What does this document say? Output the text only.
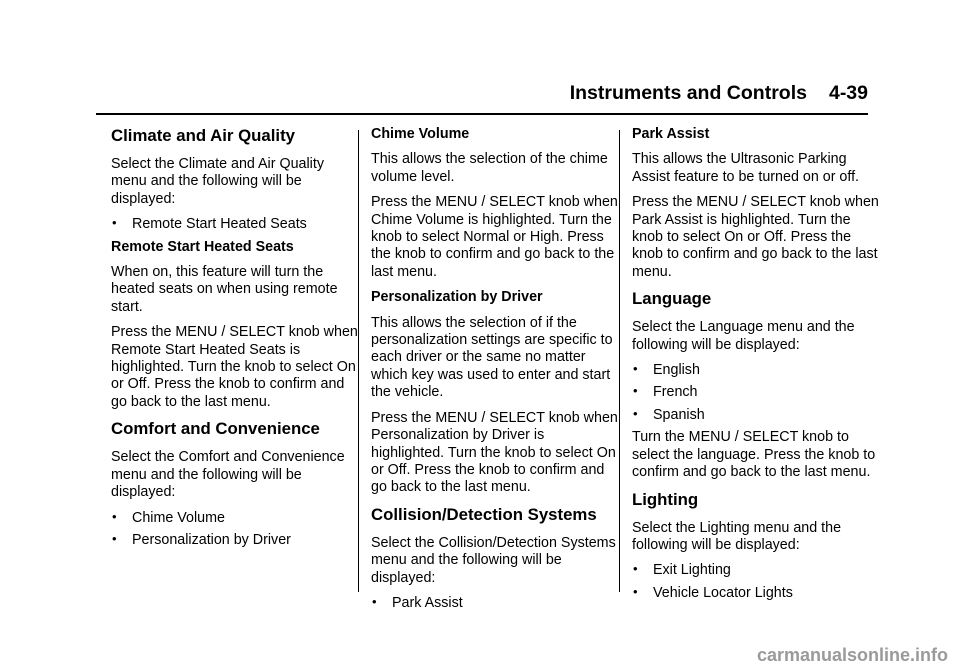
Instruments and Controls 4-39
Climate and Air Quality

Select the Climate and Air Quality menu and the following will be displayed:

• Remote Start Heated Seats
Remote Start Heated Seats

When on, this feature will turn the heated seats on when using remote start.

Press the MENU / SELECT knob when Remote Start Heated Seats is highlighted. Turn the knob to select On or Off. Press the knob to confirm and go back to the last menu.

Comfort and Convenience

Select the Comfort and Convenience menu and the following will be displayed:

• Chime Volume
• Personalization by Driver
Chime Volume

This allows the selection of the chime volume level.

Press the MENU / SELECT knob when Chime Volume is highlighted. Turn the knob to select Normal or High. Press the knob to confirm and go back to the last menu.

Personalization by Driver

This allows the selection of if the personalization settings are specific to each driver or the same no matter which key was used to enter and start the vehicle.

Press the MENU / SELECT knob when Personalization by Driver is highlighted. Turn the knob to select On or Off. Press the knob to confirm and go back to the last menu.

Collision/Detection Systems

Select the Collision/Detection Systems menu and the following will be displayed:

• Park Assist
Park Assist

This allows the Ultrasonic Parking Assist feature to be turned on or off.

Press the MENU / SELECT knob when Park Assist is highlighted. Turn the knob to select On or Off. Press the knob to confirm and go back to the last menu.

Language

Select the Language menu and the following will be displayed:

• English
• French
• Spanish

Turn the MENU / SELECT knob to select the language. Press the knob to confirm and go back to the last menu.

Lighting

Select the Lighting menu and the following will be displayed:

• Exit Lighting
• Vehicle Locator Lights
carmanualsonline.info
